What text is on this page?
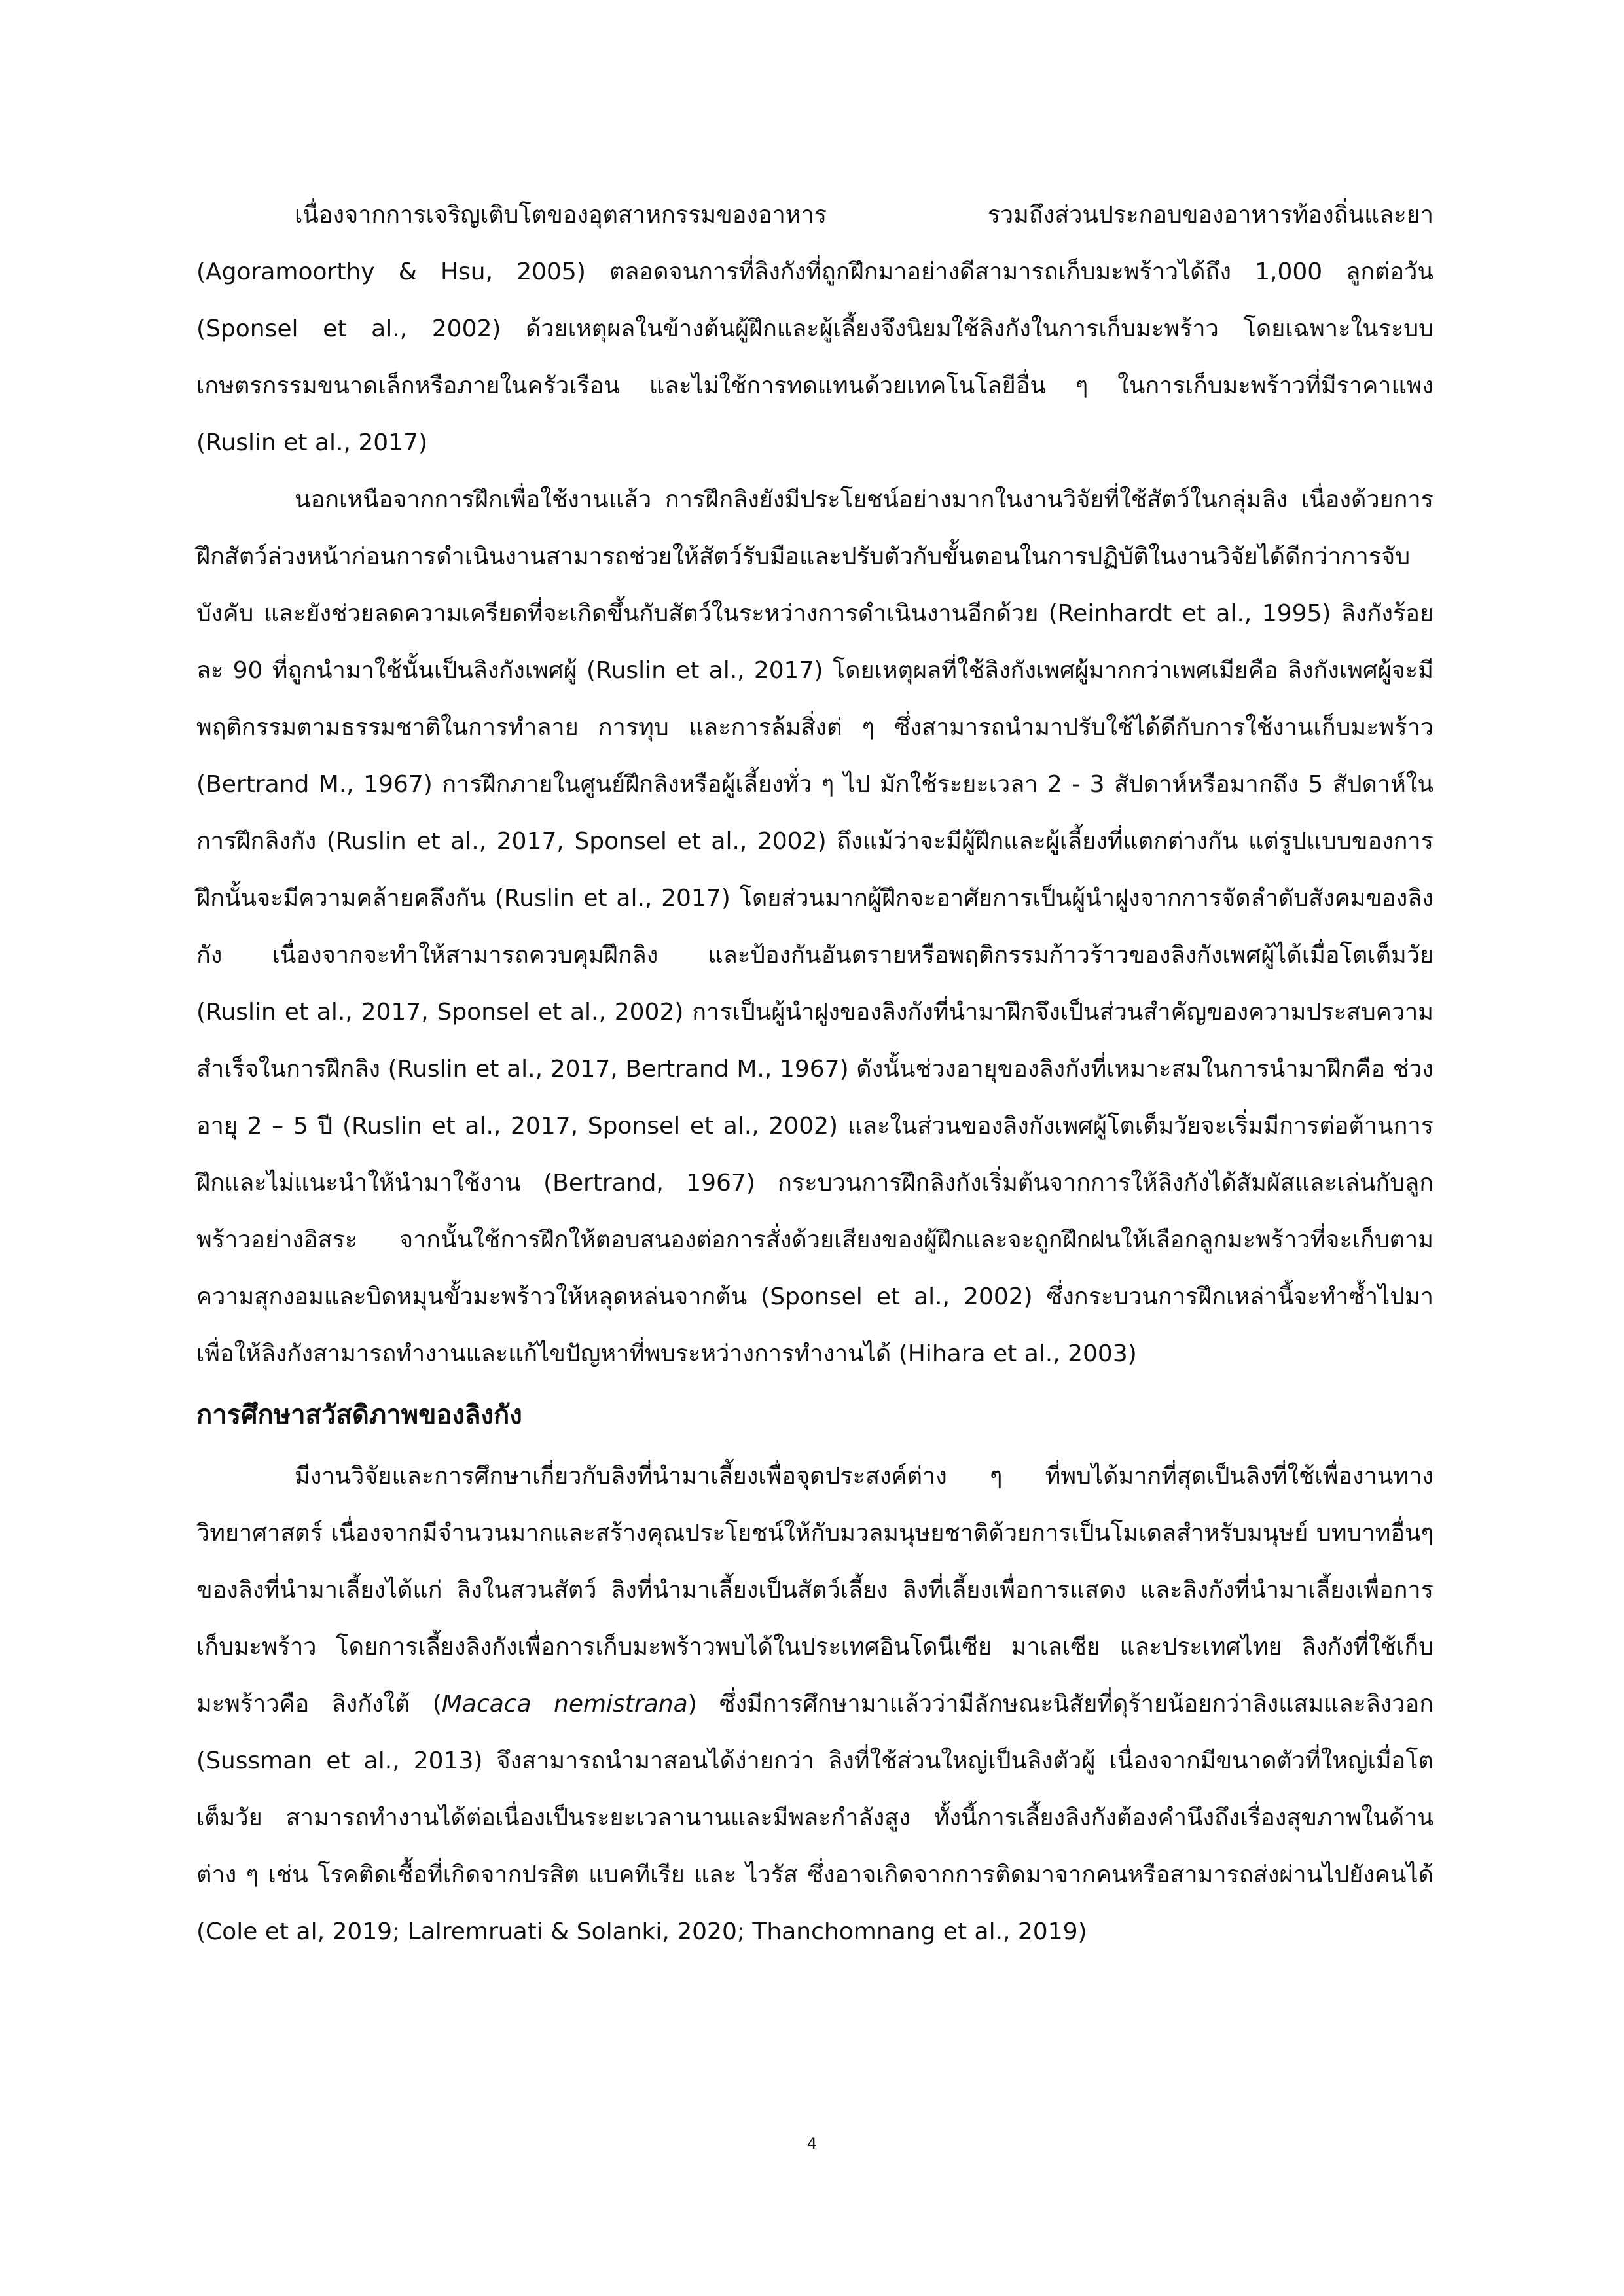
เนื่องจากการเจริญเติบโตของอุตสาหกรรมของอาหาร รวมถึงส่วนประกอบของอาหารท้องถิ่นและยา (Agoramoorthy & Hsu, 2005) ตลอดจนการที่ลิงกังที่ถูกฝึกมาอย่างดีสามารถเก็บมะพร้าวได้ถึง 1,000 ลูกต่อวัน (Sponsel et al., 2002) ด้วยเหตุผลในข้างต้นผู้ฝึกและผู้เลี้ยงจึงนิยมใช้ลิงกังในการเก็บมะพร้าว โดยเฉพาะในระบบเกษตรกรรมขนาดเล็กหรือภายในครัวเรือน และไม่ใช้การทดแทนด้วยเทคโนโลยีอื่น ๆ ในการเก็บมะพร้าวที่มีราคาแพง (Ruslin et al., 2017)

นอกเหนือจากการฝึกเพื่อใช้งานแล้ว การฝึกลิงยังมีประโยชน์อย่างมากในงานวิจัยที่ใช้สัตว์ในกลุ่มลิง เนื่องด้วยการฝึกสัตว์ล่วงหน้าก่อนการดำเนินงานสามารถช่วยให้สัตว์รับมือและปรับตัวกับขั้นตอนในการปฏิบัติในงานวิจัยได้ดีกว่าการจับบังคับ และยังช่วยลดความเครียดที่จะเกิดขึ้นกับสัตว์ในระหว่างการดำเนินงานอีกด้วย (Reinhardt et al., 1995) ลิงกังร้อยละ 90 ที่ถูกนำมาใช้นั้นเป็นลิงกังเพศผู้ (Ruslin et al., 2017) โดยเหตุผลที่ใช้ลิงกังเพศผู้มากกว่าเพศเมียคือ ลิงกังเพศผู้จะมีพฤติกรรมตามธรรมชาติในการทำลาย การทุบ และการล้มสิ่งต่ ๆ ซึ่งสามารถนำมาปรับใช้ได้ดีกับการใช้งานเก็บมะพร้าว (Bertrand M., 1967) การฝึกภายในศูนย์ฝึกลิงหรือผู้เลี้ยงทั่ว ๆ ไป มักใช้ระยะเวลา 2 - 3 สัปดาห์หรือมากถึง 5 สัปดาห์ในการฝึกลิงกัง (Ruslin et al., 2017, Sponsel et al., 2002) ถึงแม้ว่าจะมีผู้ฝึกและผู้เลี้ยงที่แตกต่างกัน แต่รูปแบบของการฝึกนั้นจะมีความคล้ายคลึงกัน (Ruslin et al., 2017) โดยส่วนมากผู้ฝึกจะอาศัยการเป็นผู้นำฝูงจากการจัดลำดับสังคมของลิงกัง เนื่องจากจะทำให้สามารถควบคุมฝึกลิง และป้องกันอันตรายหรือพฤติกรรมก้าวร้าวของลิงกังเพศผู้ได้เมื่อโตเต็มวัย (Ruslin et al., 2017, Sponsel et al., 2002) การเป็นผู้นำฝูงของลิงกังที่นำมาฝึกจึงเป็นส่วนสำคัญของความประสบความสำเร็จในการฝึกลิง (Ruslin et al., 2017, Bertrand M., 1967) ดังนั้นช่วงอายุของลิงกังที่เหมาะสมในการนำมาฝึกคือ ช่วงอายุ 2 – 5 ปี (Ruslin et al., 2017, Sponsel et al., 2002) และในส่วนของลิงกังเพศผู้โตเต็มวัยจะเริ่มมีการต่อต้านการฝึกและไม่แนะนำให้นำมาใช้งาน (Bertrand, 1967) กระบวนการฝึกลิงกังเริ่มต้นจากการให้ลิงกังได้สัมผัสและเล่นกับลูกพร้าวอย่างอิสระ จากนั้นใช้การฝึกให้ตอบสนองต่อการสั่งด้วยเสียงของผู้ฝึกและจะถูกฝึกฝนให้เลือกลูกมะพร้าวที่จะเก็บตามความสุกงอมและบิดหมุนขั้วมะพร้าวให้หลุดหล่นจากต้น (Sponsel et al., 2002) ซึ่งกระบวนการฝึกเหล่านี้จะทำซ้ำไปมาเพื่อให้ลิงกังสามารถทำงานและแก้ไขปัญหาที่พบระหว่างการทำงานได้ (Hihara et al., 2003)

การศึกษาสวัสดิภาพของลิงกัง

มีงานวิจัยและการศึกษาเกี่ยวกับลิงที่นำมาเลี้ยงเพื่อจุดประสงค์ต่าง ๆ ที่พบได้มากที่สุดเป็นลิงที่ใช้เพื่องานทางวิทยาศาสตร์ เนื่องจากมีจำนวนมากและสร้างคุณประโยชน์ให้กับมวลมนุษยชาติด้วยการเป็นโมเดลสำหรับมนุษย์ บทบาทอื่นๆของลิงที่นำมาเลี้ยงได้แก่ ลิงในสวนสัตว์ ลิงที่นำมาเลี้ยงเป็นสัตว์เลี้ยง ลิงที่เลี้ยงเพื่อการแสดง และลิงกังที่นำมาเลี้ยงเพื่อการเก็บมะพร้าว โดยการเลี้ยงลิงกังเพื่อการเก็บมะพร้าวพบได้ในประเทศอินโดนีเซีย มาเลเซีย และประเทศไทย ลิงกังที่ใช้เก็บมะพร้าวคือ ลิงกังใต้ (Macaca nemistrana) ซึ่งมีการศึกษามาแล้วว่ามีลักษณะนิสัยที่ดุร้ายน้อยกว่าลิงแสมและลิงวอก (Sussman et al., 2013) จึงสามารถนำมาสอนได้ง่ายกว่า ลิงที่ใช้ส่วนใหญ่เป็นลิงตัวผู้ เนื่องจากมีขนาดตัวที่ใหญ่เมื่อโตเต็มวัย สามารถทำงานได้ต่อเนื่องเป็นระยะเวลานานและมีพละกำลังสูง ทั้งนี้การเลี้ยงลิงกังต้องคำนึงถึงเรื่องสุขภาพในด้านต่าง ๆ เช่น โรคติดเชื้อที่เกิดจากปรสิต แบคทีเรีย และ ไวรัส ซึ่งอาจเกิดจากการติดมาจากคนหรือสามารถส่งผ่านไปยังคนได้ (Cole et al, 2019; Lalremruati & Solanki, 2020; Thanchomnang et al., 2019)

4
